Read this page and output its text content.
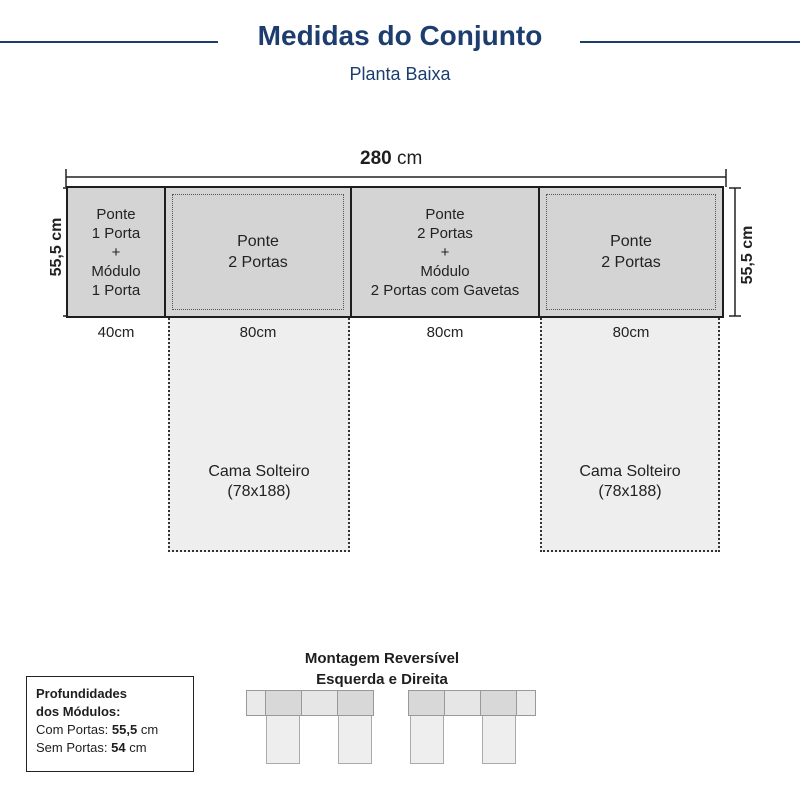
Medidas do Conjunto
Planta Baixa
280 cm
55,5 cm	55,5 cm
Cama Solteiro
(78x188)
Cama Solteiro
(78x188)
Ponte
1 Porta
+
Módulo
1 Porta
Ponte
2 Portas
Ponte
2 Portas
+
Módulo
2 Portas com Gavetas
Ponte
2 Portas
40cm	80cm	80cm	80cm
Profundidades
dos Módulos:
Com Portas: 55,5 cm
Sem Portas: 54 cm
Montagem Reversível
Esquerda e Direita
